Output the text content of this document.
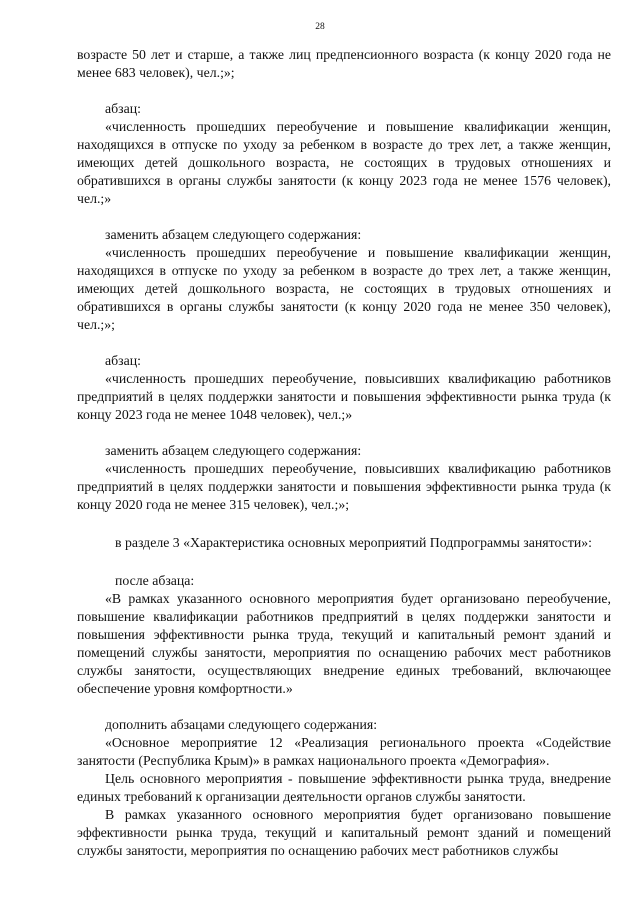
28

возрасте 50 лет и старше, а также лиц предпенсионного возраста (к концу 2020 года не менее 683 человек), чел.;»;

абзац:

«численность прошедших переобучение и повышение квалификации женщин, находящихся в отпуске по уходу за ребенком в возрасте до трех лет, а также женщин, имеющих детей дошкольного возраста, не состоящих в трудовых отношениях и обратившихся в органы службы занятости (к концу 2023 года не менее 1576 человек), чел.;»

заменить абзацем следующего содержания:

«численность прошедших переобучение и повышение квалификации женщин, находящихся в отпуске по уходу за ребенком в возрасте до трех лет, а также женщин, имеющих детей дошкольного возраста, не состоящих в трудовых отношениях и обратившихся в органы службы занятости (к концу 2020 года не менее 350 человек), чел.;»;

абзац:

«численность прошедших переобучение, повысивших квалификацию работников предприятий в целях поддержки занятости и повышения эффективности рынка труда (к концу 2023 года не менее 1048 человек), чел.;»

заменить абзацем следующего содержания:

«численность прошедших переобучение, повысивших квалификацию работников предприятий в целях поддержки занятости и повышения эффективности рынка труда (к концу 2020 года не менее 315 человек), чел.;»;

в разделе 3 «Характеристика основных мероприятий Подпрограммы занятости»:

после абзаца:

«В рамках указанного основного мероприятия будет организовано переобучение, повышение квалификации работников предприятий в целях поддержки занятости и повышения эффективности рынка труда, текущий и капитальный ремонт зданий и помещений службы занятости, мероприятия по оснащению рабочих мест работников службы занятости, осуществляющих внедрение единых требований, включающее обеспечение уровня комфортности.»

дополнить абзацами следующего содержания:

«Основное мероприятие 12 «Реализация регионального проекта «Содействие занятости (Республика Крым)» в рамках национального проекта «Демография».

Цель основного мероприятия - повышение эффективности рынка труда, внедрение единых требований к организации деятельности органов службы занятости.

В рамках указанного основного мероприятия будет организовано повышение эффективности рынка труда, текущий и капитальный ремонт зданий и помещений службы занятости, мероприятия по оснащению рабочих мест работников службы
